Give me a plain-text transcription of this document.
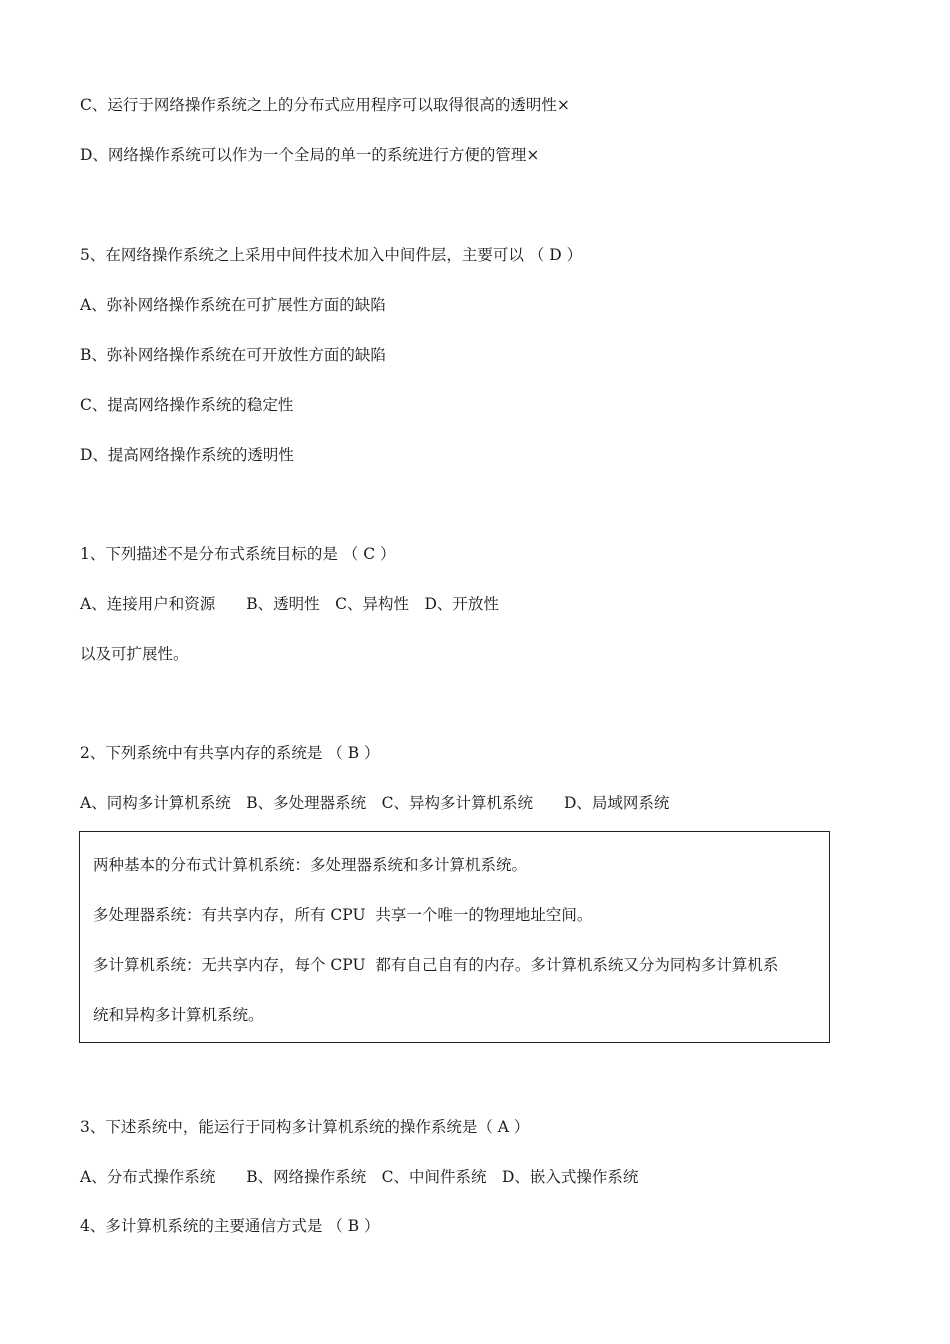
C、运行于网络操作系统之上的分布式应用程序可以取得很高的透明性×

D、网络操作系统可以作为一个全局的单一的系统进行方便的管理×

5、在网络操作系统之上采用中间件技术加入中间件层，主要可以 （ D ）

A、弥补网络操作系统在可扩展性方面的缺陷

B、弥补网络操作系统在可开放性方面的缺陷

C、提高网络操作系统的稳定性

D、提高网络操作系统的透明性

1、下列描述不是分布式系统目标的是 （ C ）

A、连接用户和资源　　B、透明性　C、异构性　D、开放性

以及可扩展性。

2、下列系统中有共享内存的系统是 （ B ）

A、同构多计算机系统　B、多处理器系统　C、异构多计算机系统　　D、局域网系统

两种基本的分布式计算机系统：多处理器系统和多计算机系统。

多处理器系统：有共享内存，所有 CPU  共享一个唯一的物理地址空间。

多计算机系统：无共享内存，每个 CPU  都有自己自有的内存。多计算机系统又分为同构多计算机系

统和异构多计算机系统。

3、下述系统中，能运行于同构多计算机系统的操作系统是（ A ）

A、分布式操作系统　　B、网络操作系统　C、中间件系统　D、嵌入式操作系统

4、多计算机系统的主要通信方式是 （ B ）
